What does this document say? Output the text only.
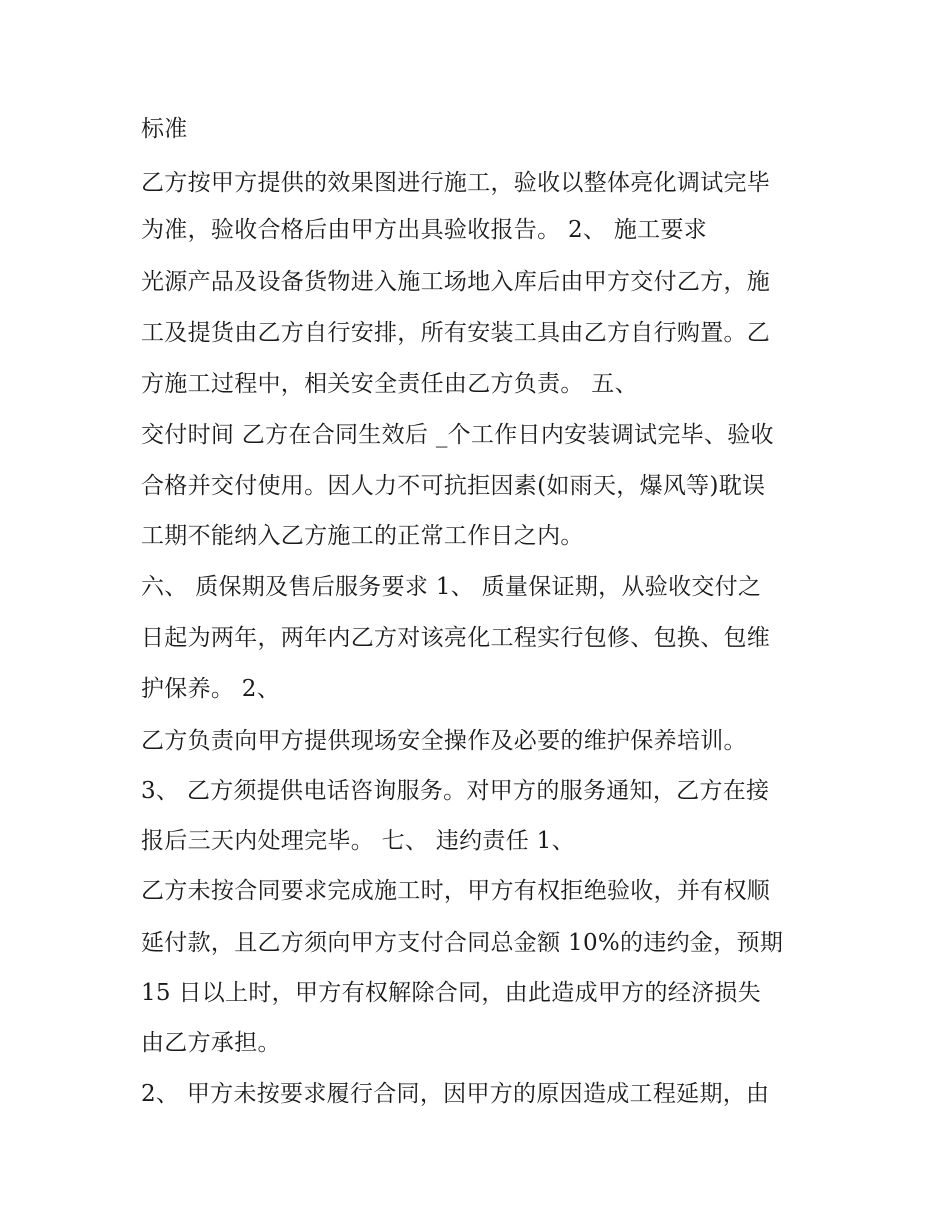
标准
乙方按甲方提供的效果图进行施工，验收以整体亮化调试完毕
为准，验收合格后由甲方出具验收报告。 2、 施工要求
光源产品及设备货物进入施工场地入库后由甲方交付乙方，施
工及提货由乙方自行安排，所有安装工具由乙方自行购置。乙
方施工过程中，相关安全责任由乙方负责。 五、
交付时间 乙方在合同生效后 _个工作日内安装调试完毕、验收
合格并交付使用。因人力不可抗拒因素(如雨天，爆风等)耽误
工期不能纳入乙方施工的正常工作日之内。
六、 质保期及售后服务要求 1、 质量保证期，从验收交付之
日起为两年，两年内乙方对该亮化工程实行包修、包换、包维
护保养。 2、
乙方负责向甲方提供现场安全操作及必要的维护保养培训。
3、 乙方须提供电话咨询服务。对甲方的服务通知，乙方在接
报后三天内处理完毕。 七、 违约责任 1、
乙方未按合同要求完成施工时，甲方有权拒绝验收，并有权顺
延付款，且乙方须向甲方支付合同总金额 10%的违约金，预期
15 日以上时，甲方有权解除合同，由此造成甲方的经济损失
由乙方承担。
2、 甲方未按要求履行合同，因甲方的原因造成工程延期，由
